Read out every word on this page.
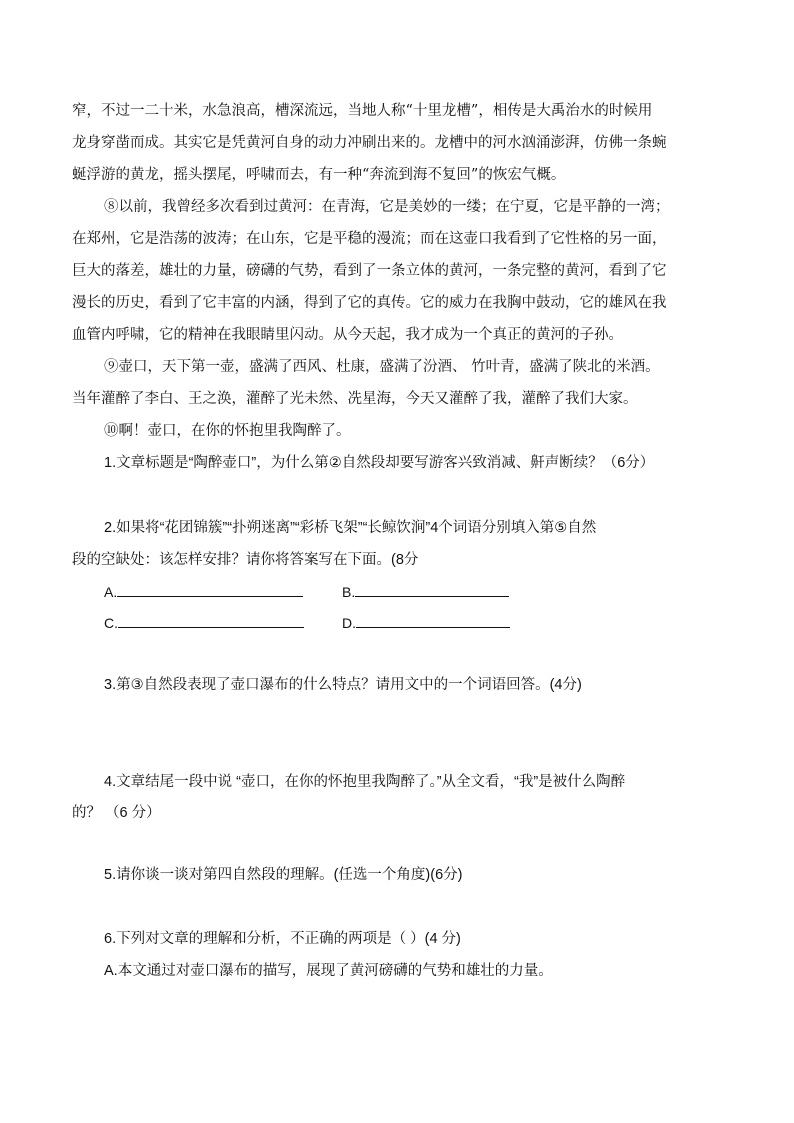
窄，不过一二十米，水急浪高，槽深流远，当地人称“十里龙槽”，相传是大禹治水的时候用
龙身穿凿而成。其实它是凭黄河自身的动力冲刷出来的。龙槽中的河水汹涌澎湃，仿佛一条蜿
蜒浮游的黄龙，摇头摆尾，呼啸而去，有一种“奔流到海不复回”的恢宏气概。
⑧以前，我曾经多次看到过黄河：在青海，它是美妙的一缕；在宁夏，它是平静的一湾；
在郑州，它是浩荡的波涛；在山东，它是平稳的漫流；而在这壶口我看到了它性格的另一面，
巨大的落差，雄壮的力量，磅礴的气势，看到了一条立体的黄河，一条完整的黄河，看到了它
漫长的历史，看到了它丰富的内涵，得到了它的真传。它的威力在我胸中鼓动，它的雄风在我
血管内呼啸，它的精神在我眼睛里闪动。从今天起，我才成为一个真正的黄河的子孙。
⑨壶口，天下第一壶，盛满了西风、杜康，盛满了汾酒、 竹叶青，盛满了陕北的米酒。
当年灌醉了李白、王之涣，灌醉了光未然、冼星海，今天又灌醉了我，灌醉了我们大家。
⑩啊！壶口，在你的怀抱里我陶醉了。
1.文章标题是“陶醉壶口”，为什么第②自然段却要写游客兴致消减、鼾声断续？（6分）
2.如果将“花团锦簇”“扑朔迷离”“彩桥飞架”“长鲸饮涧”4个词语分别填入第⑤自然
段的空缺处：该怎样安排？请你将答案写在下面。(8分
A.	B.
C.	D.
3.第③自然段表现了壶口瀑布的什么特点？请用文中的一个词语回答。(4分)
4.文章结尾一段中说 “壶口，在你的怀抱里我陶醉了。”从全文看，“我”是被什么陶醉
的？ （6 分）
5.请你谈一谈对第四自然段的理解。(任选一个角度)(6分)
6.下列对文章的理解和分析，不正确的两项是（ ）(4 分)
A.本文通过对壶口瀑布的描写，展现了黄河磅礴的气势和雄壮的力量。
